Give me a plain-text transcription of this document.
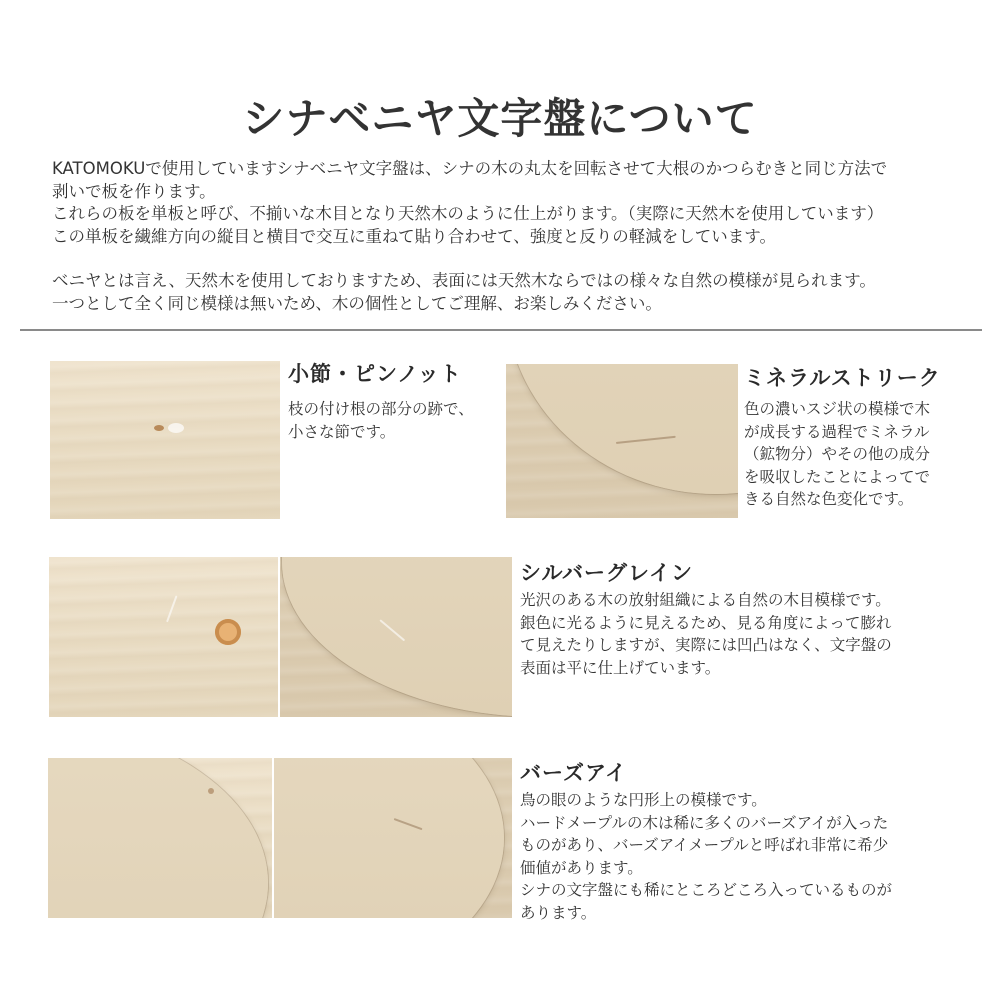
シナベニヤ文字盤について

KATOMOKUで使用していますシナベニヤ文字盤は、シナの木の丸太を回転させて大根のかつらむきと同じ方法で

剥いで板を作ります。

これらの板を単板と呼び、不揃いな木目となり天然木のように仕上がります。（実際に天然木を使用しています）

この単板を繊維方向の縦目と横目で交互に重ねて貼り合わせて、強度と反りの軽減をしています。

ベニヤとは言え、天然木を使用しておりますため、表面には天然木ならではの様々な自然の模様が見られます。

一つとして全く同じ模様は無いため、木の個性としてご理解、お楽しみください。

小節・ピンノット

枝の付け根の部分の跡で、

小さな節です。

ミネラルストリーク

色の濃いスジ状の模様で木

が成長する過程でミネラル

（鉱物分）やその他の成分

を吸収したことによってで

きる自然な色変化です。

シルバーグレイン

光沢のある木の放射組織による自然の木目模様です。

銀色に光るように見えるため、見る角度によって膨れ

て見えたりしますが、実際には凹凸はなく、文字盤の

表面は平に仕上げています。

バーズアイ

鳥の眼のような円形上の模様です。

ハードメープルの木は稀に多くのバーズアイが入った

ものがあり、バーズアイメープルと呼ばれ非常に希少

価値があります。

シナの文字盤にも稀にところどころ入っているものが

あります。
